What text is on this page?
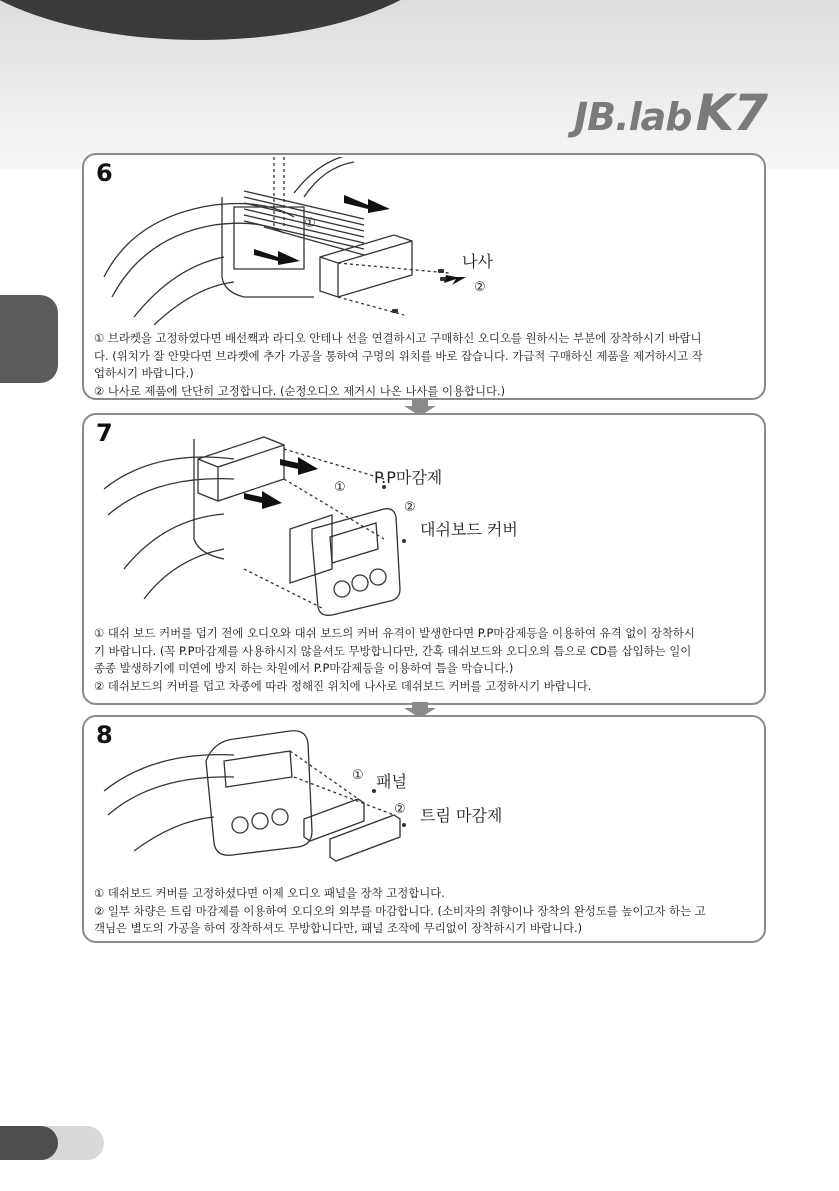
JB.labK7
6
①
②
나사

① 브라켓을 고정하였다면 배선짹과 라디오 안테나 선을 연결하시고 구매하신 오디오를 원하시는 부분에 장착하시기 바랍니

다. (위치가 잘 안맞다면 브라켓에 추가 가공을 통하여 구멍의 위치를 바로 잡습니다. 가급적 구매하신 제품을 제거하시고 작

업하시기 바랍니다.)

② 나사로 제품에 단단히 고정합니다. (순정오디오 제거시 나온 나사를 이용합니다.)

7
①
②
P.P마감제
대쉬보드 커버

① 대쉬 보드 커버를 덥기 전에 오디오와 대쉬 보드의 커버 유격이 발생한다면 P.P마감제등을 이용하여 유격 없이 장착하시

기 바랍니다. (꼭 P.P마감제를 사용하시지 않을셔도 무방합니다만, 간혹 데쉬보드와 오디오의 틈으로 CD를 삽입하는 일이

종종 발생하기에 미연에 방지 하는 차원에서 P.P마감제등을 이용하여 틈을 막습니다.)

② 데쉬보드의 커버를 덥고 차종에 따라 정해진 위치에 나사로 데쉬보드 커버를 고정하시기 바랍니다.

8
①
②
패널
트림 마감제

① 데쉬보드 커버를 고정하셨다면 이제 오디오 패널을 장착 고정합니다.

② 일부 차량은 트림 마감제를 이용하여 오디오의 외부를 마감합니다. (소비자의 취향이나 장착의 완성도를 높이고자 하는 고

객님은 별도의 가공을 하여 장착하셔도 무방합니다만, 패널 조작에 무리없이 장착하시기 바랍니다.)
